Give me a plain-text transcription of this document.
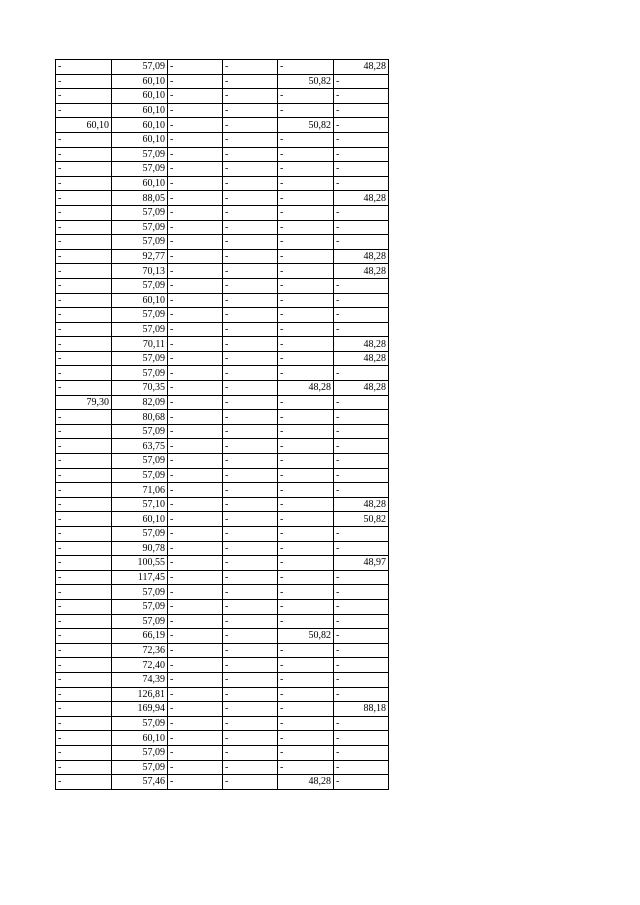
-	57,09	-	-	-	48,28
-	60,10	-	-	50,82	-
-	60,10	-	-	-	-
-	60,10	-	-	-	-
60,10	60,10	-	-	50,82	-
-	60,10	-	-	-	-
-	57,09	-	-	-	-
-	57,09	-	-	-	-
-	60,10	-	-	-	-
-	88,05	-	-	-	48,28
-	57,09	-	-	-	-
-	57,09	-	-	-	-
-	57,09	-	-	-	-
-	92,77	-	-	-	48,28
-	70,13	-	-	-	48,28
-	57,09	-	-	-	-
-	60,10	-	-	-	-
-	57,09	-	-	-	-
-	57,09	-	-	-	-
-	70,11	-	-	-	48,28
-	57,09	-	-	-	48,28
-	57,09	-	-	-	-
-	70,35	-	-	48,28	48,28
79,30	82,09	-	-	-	-
-	80,68	-	-	-	-
-	57,09	-	-	-	-
-	63,75	-	-	-	-
-	57,09	-	-	-	-
-	57,09	-	-	-	-
-	71,06	-	-	-	-
-	57,10	-	-	-	48,28
-	60,10	-	-	-	50,82
-	57,09	-	-	-	-
-	90,78	-	-	-	-
-	100,55	-	-	-	48,97
-	117,45	-	-	-	-
-	57,09	-	-	-	-
-	57,09	-	-	-	-
-	57,09	-	-	-	-
-	66,19	-	-	50,82	-
-	72,36	-	-	-	-
-	72,40	-	-	-	-
-	74,39	-	-	-	-
-	126,81	-	-	-	-
-	169,94	-	-	-	88,18
-	57,09	-	-	-	-
-	60,10	-	-	-	-
-	57,09	-	-	-	-
-	57,09	-	-	-	-
-	57,46	-	-	48,28	-
